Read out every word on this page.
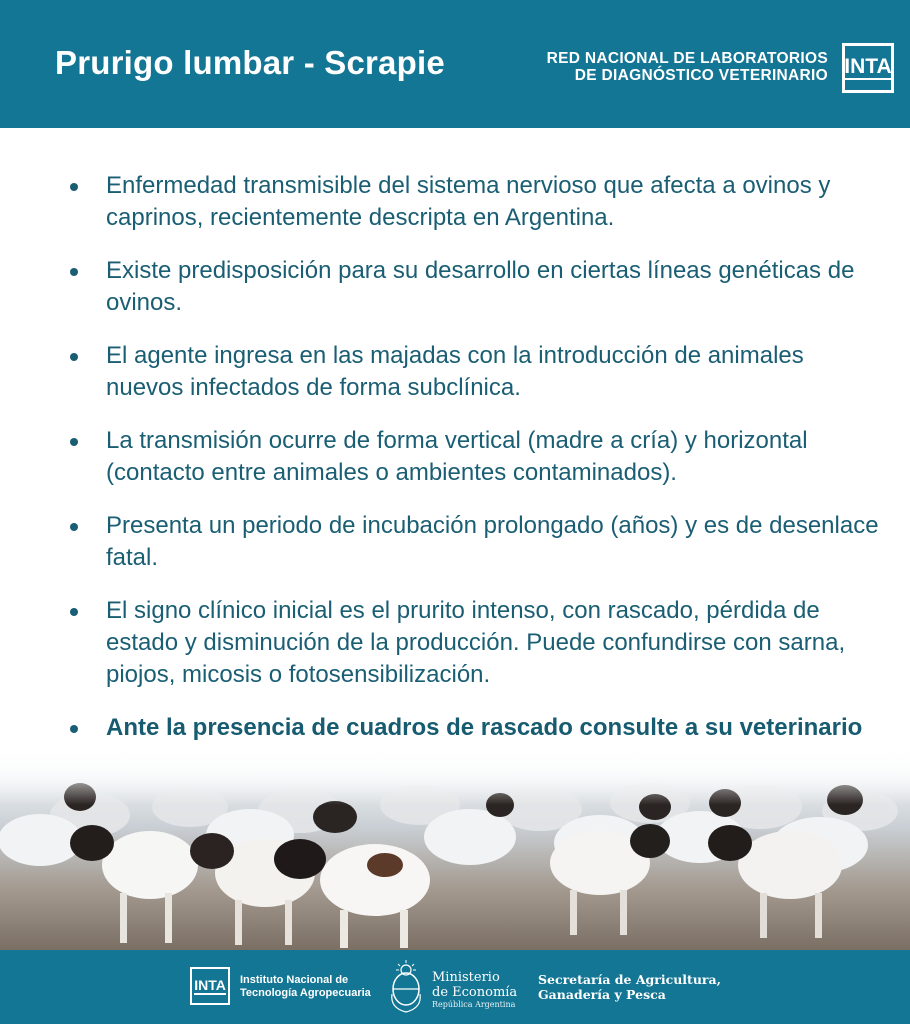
Prurigo lumbar - Scrapie	RED NACIONAL DE LABORATORIOS
DE DIAGNÓSTICO VETERINARIO INTA
Enfermedad transmisible del sistema nervioso que afecta a ovinos y caprinos, recientemente descripta en Argentina.
Existe predisposición para su desarrollo en ciertas líneas genéticas de ovinos.
El agente ingresa en las majadas con la introducción de animales nuevos infectados de forma subclínica.
La transmisión ocurre de forma vertical (madre a cría) y horizontal (contacto entre animales o ambientes contaminados).
Presenta un periodo de incubación prolongado (años) y es de desenlace fatal.
El signo clínico inicial es el prurito intenso, con rascado, pérdida de estado y disminución de la producción. Puede confundirse con sarna, piojos, micosis o fotosensibilización.
Ante la presencia de cuadros de rascado consulte a su veterinario
INTA Instituto Nacional de
Tecnología Agropecuaria
Ministerio
de Economía
República Argentina
Secretaría de Agricultura,
Ganadería y Pesca
